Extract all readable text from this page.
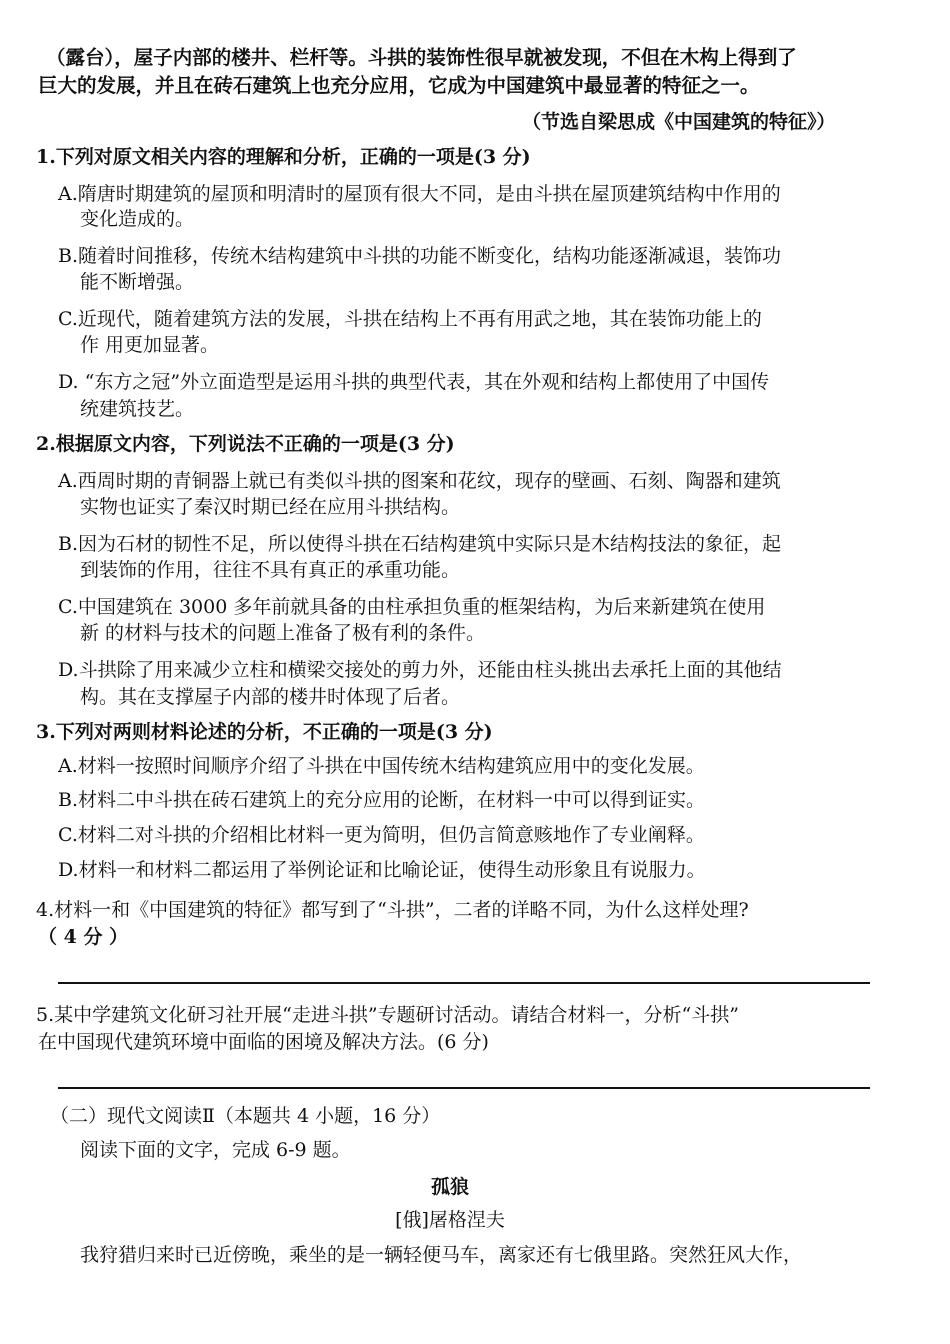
（露台），屋子内部的楼井、栏杆等。斗拱的装饰性很早就被发现，不但在木构上得到了
巨大的发展，并且在砖石建筑上也充分应用，它成为中国建筑中最显著的特征之一。
（节选自梁思成《中国建筑的特征》）
1.下列对原文相关内容的理解和分析，正确的一项是(3 分)
A.隋唐时期建筑的屋顶和明清时的屋顶有很大不同，是由斗拱在屋顶建筑结构中作用的
变化造成的。
B.随着时间推移，传统木结构建筑中斗拱的功能不断变化，结构功能逐渐减退，装饰功
能不断增强。
C.近现代，随着建筑方法的发展，斗拱在结构上不再有用武之地，其在装饰功能上的
作 用更加显著。
D. “东方之冠”外立面造型是运用斗拱的典型代表，其在外观和结构上都使用了中国传
统建筑技艺。
2.根据原文内容，下列说法不正确的一项是(3 分)
A.西周时期的青铜器上就已有类似斗拱的图案和花纹，现存的壁画、石刻、陶器和建筑
实物也证实了秦汉时期已经在应用斗拱结构。
B.因为石材的韧性不足，所以使得斗拱在石结构建筑中实际只是木结构技法的象征，起
到装饰的作用，往往不具有真正的承重功能。
C.中国建筑在 3000 多年前就具备的由柱承担负重的框架结构，为后来新建筑在使用
新 的材料与技术的问题上准备了极有利的条件。
D.斗拱除了用来减少立柱和横梁交接处的剪力外，还能由柱头挑出去承托上面的其他结
构。其在支撑屋子内部的楼井时体现了后者。
3.下列对两则材料论述的分析，不正确的一项是(3 分)
A.材料一按照时间顺序介绍了斗拱在中国传统木结构建筑应用中的变化发展。
B.材料二中斗拱在砖石建筑上的充分应用的论断，在材料一中可以得到证实。
C.材料二对斗拱的介绍相比材料一更为简明，但仍言简意赅地作了专业阐释。
D.材料一和材料二都运用了举例论证和比喻论证，使得生动形象且有说服力。
4.材料一和《中国建筑的特征》都写到了“斗拱”，二者的详略不同，为什么这样处理?
（ 4 分 ）
5.某中学建筑文化研习社开展“走进斗拱”专题研讨活动。请结合材料一，分析“斗拱”
在中国现代建筑环境中面临的困境及解决方法。(6 分)
（二）现代文阅读Ⅱ（本题共 4 小题，16 分）
阅读下面的文字，完成 6-9 题。
孤狼
[俄]屠格涅夫
我狩猎归来时已近傍晚，乘坐的是一辆轻便马车，离家还有七俄里路。突然狂风大作，
